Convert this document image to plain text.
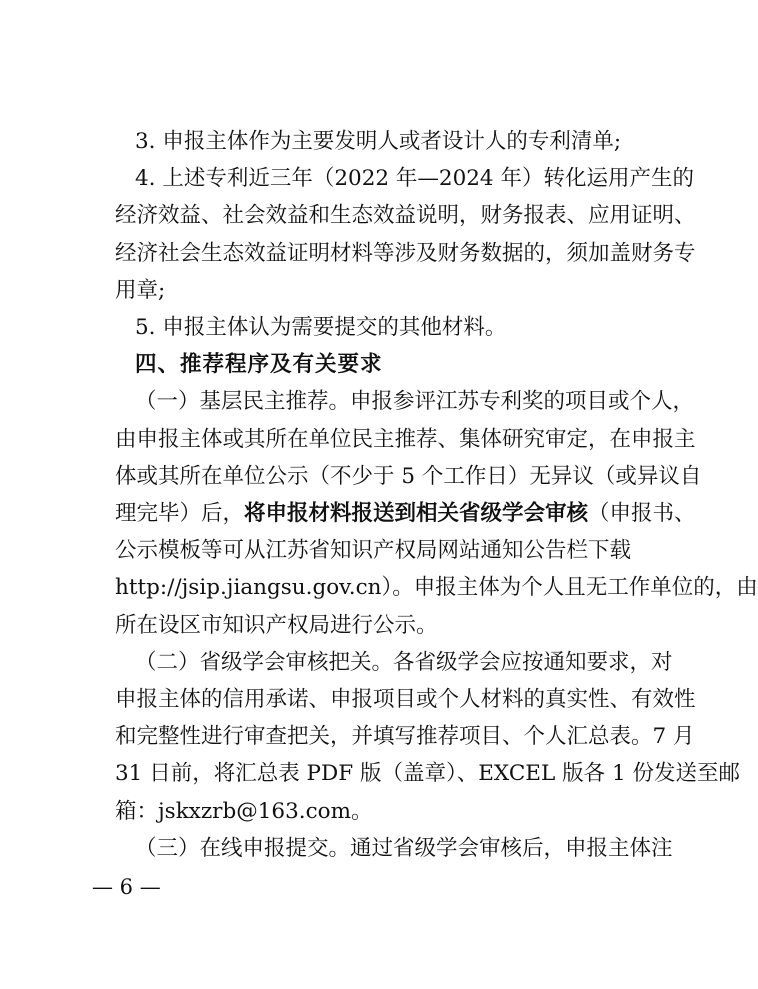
3. 申报主体作为主要发明人或者设计人的专利清单;
4. 上述专利近三年（2022 年—2024 年）转化运用产生的
经济效益、社会效益和生态效益说明，财务报表、应用证明、
经济社会生态效益证明材料等涉及财务数据的，须加盖财务专
用章;
5. 申报主体认为需要提交的其他材料。
四、推荐程序及有关要求
（一）基层民主推荐。申报参评江苏专利奖的项目或个人，
由申报主体或其所在单位民主推荐、集体研究审定，在申报主
体或其所在单位公示（不少于 5 个工作日）无异议（或异议自
理完毕）后，将申报材料报送到相关省级学会审核（申报书、
公示模板等可从江苏省知识产权局网站通知公告栏下载
http://jsip.jiangsu.gov.cn）。申报主体为个人且无工作单位的，由
所在设区市知识产权局进行公示。
（二）省级学会审核把关。各省级学会应按通知要求，对
申报主体的信用承诺、申报项目或个人材料的真实性、有效性
和完整性进行审查把关，并填写推荐项目、个人汇总表。7 月
— 6 —
31 日前，将汇总表 PDF 版（盖章）、EXCEL 版各 1 份发送至邮
箱：jskxzrb@163.com。
（三）在线申报提交。通过省级学会审核后，申报主体注
